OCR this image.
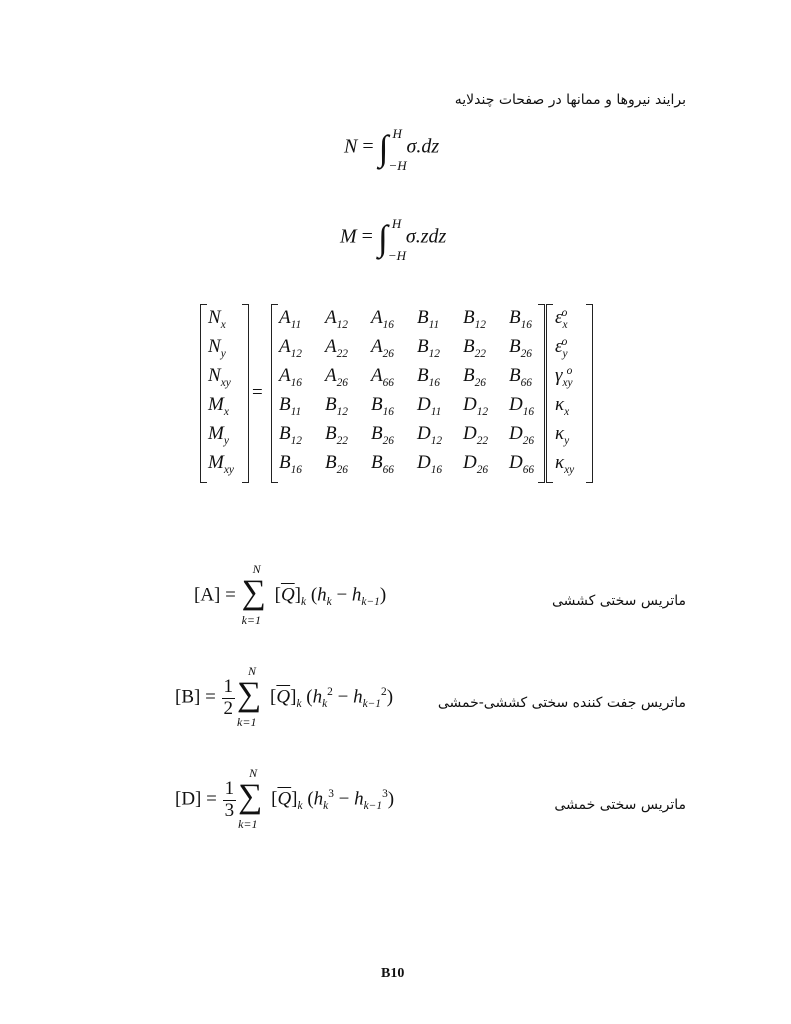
برایند نیروها و ممانها در صفحات چندلایه
N = ∫ H
−H
σ.dz
M = ∫ H
−H
σ.zdz
=
$N_x$
$N_y$
$N_{xy}$
$M_x$
$M_y$
$M_{xy}$
$A_{11}$ $A_{12}$ $A_{16}$ $B_{11}$ $B_{12}$ $B_{16}$
$A_{12}$ $A_{22}$ $A_{26}$ $B_{12}$ $B_{22}$ $B_{26}$
$A_{16}$ $A_{26}$ $A_{66}$ $B_{16}$ $B_{26}$ $B_{66}$
$B_{11}$ $B_{12}$ $B_{16}$ $D_{11}$ $D_{12}$ $D_{16}$
$B_{12}$ $B_{22}$ $B_{26}$ $D_{12}$ $D_{22}$ $D_{26}$
$B_{16}$ $B_{26}$ $B_{66}$ $D_{16}$ $D_{26}$ $D_{66}$
$\varepsilon_x^o$
$\varepsilon_y^o$
$\gamma_{xy}^o$
$\kappa_x$
$\kappa_y$
$\kappa_{xy}$
ماتریس سختی کششی
[A] =
N
∑
k=1
$[\overline{Q}]_k$ $(h_k - h_{k-1})$
ماتریس جفت کننده سختی کششی-خمشی
$[B] = \frac{1}{2}$
N
∑
k=1
$[\overline{Q}]_k$ $(h_k^2 - h_{k-1}^2)$
ماتریس سختی خمشی
$[D] = \frac{1}{3}$
N
∑
k=1
$[\overline{Q}]_k$ $(h_k^3 - h_{k-1}^3)$
B10
